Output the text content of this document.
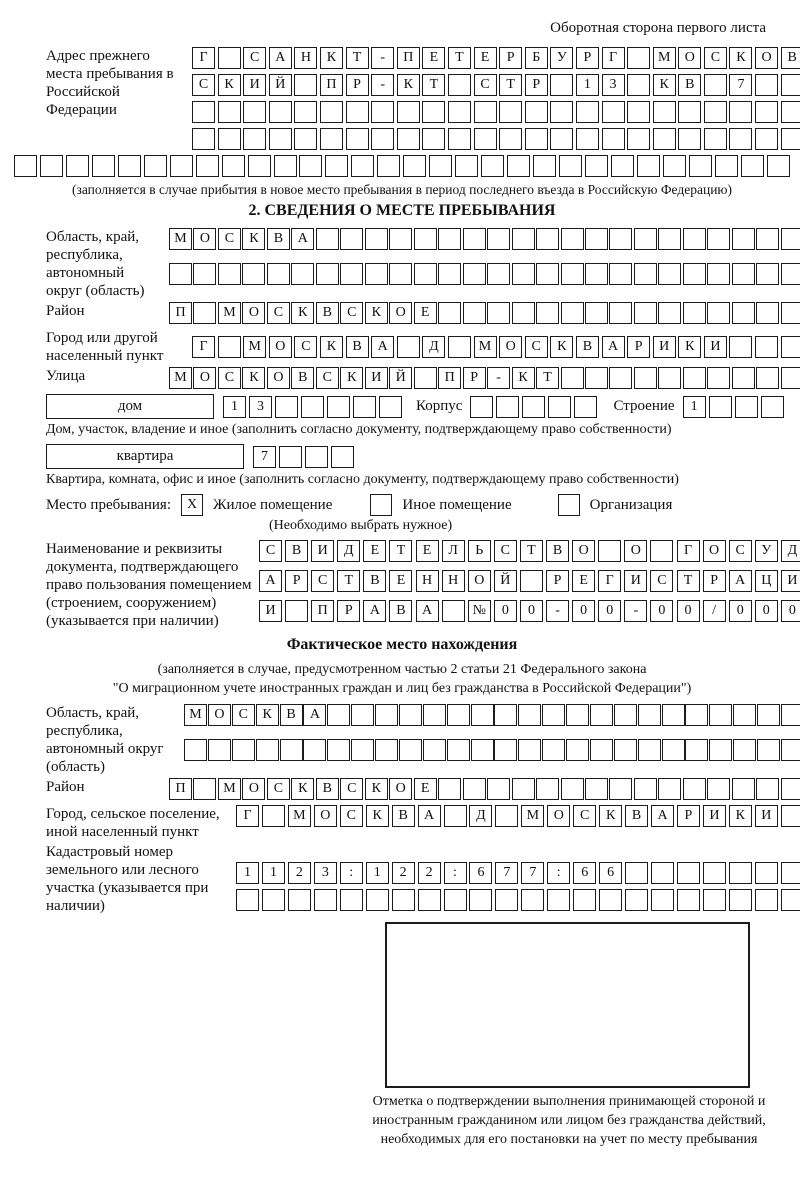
Оборотная сторона первого листа
Адрес прежнего места пребывания в Российской Федерации
Г	С	А	Н	К	Т	-	П	Е	Т	Е	Р	Б	У	Р	Г	М	О	С	К	О	В
С	К	И	Й	П	Р	-	К	Т	С	Т	Р	1	3	К	В	7
(заполняется в случае прибытия в новое место пребывания в период последнего въезда в Российскую Федерацию)
2. СВЕДЕНИЯ О МЕСТЕ ПРЕБЫВАНИЯ
Область, край, республика, автономный округ (область)
М О	С	К	В	А
Район	П	М О	С	К	В	С	К	О	Е
Город или другой населенный пункт
Г	М	О	С	К	В	А	Д	М	О	С	К	В	А	Р	И	К	И
Улица	М О	С	К	О	В	С	К	И	Й	П	Р	-	К	Т
дом	1	3	Корпус	Строение	1
Дом, участок, владение и иное (заполнить согласно документу, подтверждающему право собственности)
квартира	7
Квартира, комната, офис и иное (заполнить согласно документу, подтверждающему право собственности)
Место пребывания:	X	Жилое помещение	Иное помещение	Организация
(Необходимо выбрать нужное)
Наименование и реквизиты документа, подтверждающего право пользования помещением (строением, сооружением) (указывается при наличии)
С	В	И	Д	Е	Т	Е	Л	Ь	С	Т	В	О	О	Г	О	С	У	Д
А	Р	С	Т	В	Е	Н	Н	О	Й	Р	Е	Г	И	С	Т	Р	А	Ц	И
И	П	Р	А	В	А	№	0	0	-	0	0	-	0	0	/	0	0	0
Фактическое место нахождения
(заполняется в случае, предусмотренном частью 2 статьи 21 Федерального закона
"О миграционном учете иностранных граждан и лиц без гражданства в Российской Федерации")
Область, край, республика, автономный округ (область)
М О	С	К	В	А
Район	П	М О	С	К	В	С	К	О	Е
Город, сельское поселение, иной населенный пункт
Г	М	О	С	К	В	А	Д	М	О	С	К	В	А	Р	И	К	И
Кадастровый номер земельного или лесного участка (указывается при наличии)
1	1	2	3	:	1	2	2	:	6	7	7	:	6	6
Отметка о подтверждении выполнения принимающей стороной и иностранным гражданином или лицом без гражданства действий, необходимых для его постановки на учет по месту пребывания
